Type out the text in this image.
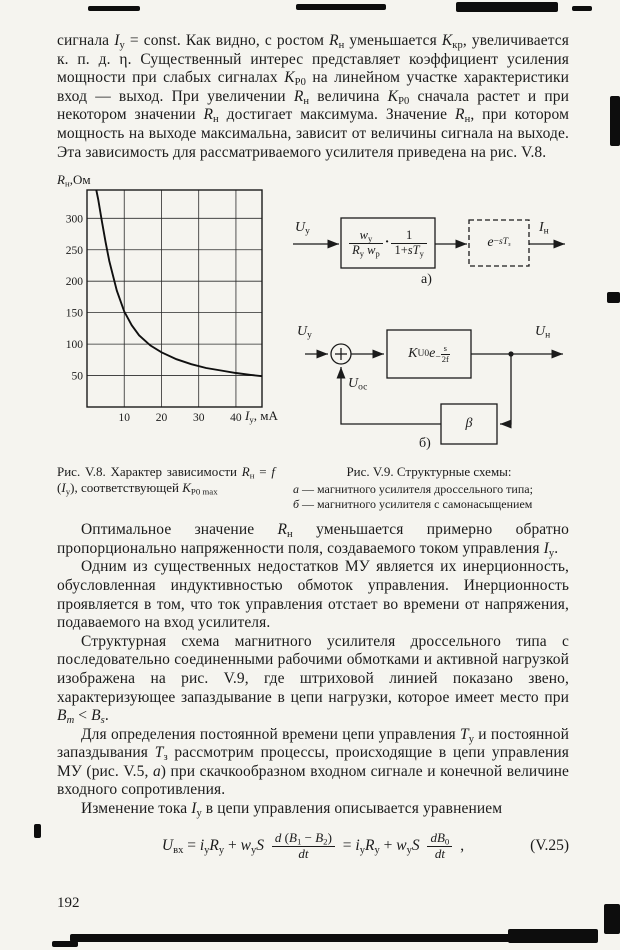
сигнала $I_у$ = const. Как видно, с ростом $R_н$ уменьшается $K_{кр}$, увеличивается к. п. д. η. Существенный интерес представляет коэффициент усиления мощности при слабых сигналах $K_{Р0}$ на линейном участке характеристики вход — выход. При увеличении $R_н$ величина $K_{Р0}$ сначала растет и при некотором значении $R_н$ достигает максимума. Значение $R_н$, при котором мощность на выходе максимальна, зависит от величины сигнала на выходе. Эта зависимость для рассматриваемого усилителя приведена на рис. V.8.

10 20 30 40
50
100
150
200
250
300
$R_н,Ом$
$I_у$, мА
$U_у$	$\frac{w_у}{R_у w_р} \cdot \frac{1}{1+sT_у}$	$e -sT_з$
$I_н$
а)
$U_у$
K U0 $e - \frac{s}{2f}$
$U_н$
$U_{ос}$
β
б)
Рис. V.8. Характер зависимости $R_н = f$ $(I_у)$, соответствующей $K_{Р0 max}$
Рис. V.9. Структурные схемы:
а — магнитного усилителя дроссельного типа;
б — магнитного усилителя с самонасыщением

Оптимальное значение $R_н$ уменьшается примерно обратно пропорционально напряженности поля, создаваемого током управления $I_у$.

Одним из существенных недостатков МУ является их инерционность, обусловленная индуктивностью обмоток управления. Инерционность проявляется в том, что ток управления отстает во времени от напряжения, подаваемого на вход усилителя.

Структурная схема магнитного усилителя дроссельного типа с последовательно соединенными рабочими обмотками и активной нагрузкой изображена на рис. V.9, где штриховой линией показано звено, характеризующее запаздывание в цепи нагрузки, которое имеет место при $B_m < B_s$.

Для определения постоянной времени цепи управления $T_у$ и постоянной запаздывания $T_з$ рассмотрим процессы, происходящие в цепи управления МУ (рис. V.5, а) при скачкообразном входном сигнале и конечной величине входного сопротивления.

Изменение тока $I_у$ в цепи управления описывается уравнением

$U_{вх} = i_уR_у + w_уS \frac{d (B_1 - B_2)}{dt} = i_уR_у + w_уS \frac{dB_0}{dt}$ ,	(V.25)
192
